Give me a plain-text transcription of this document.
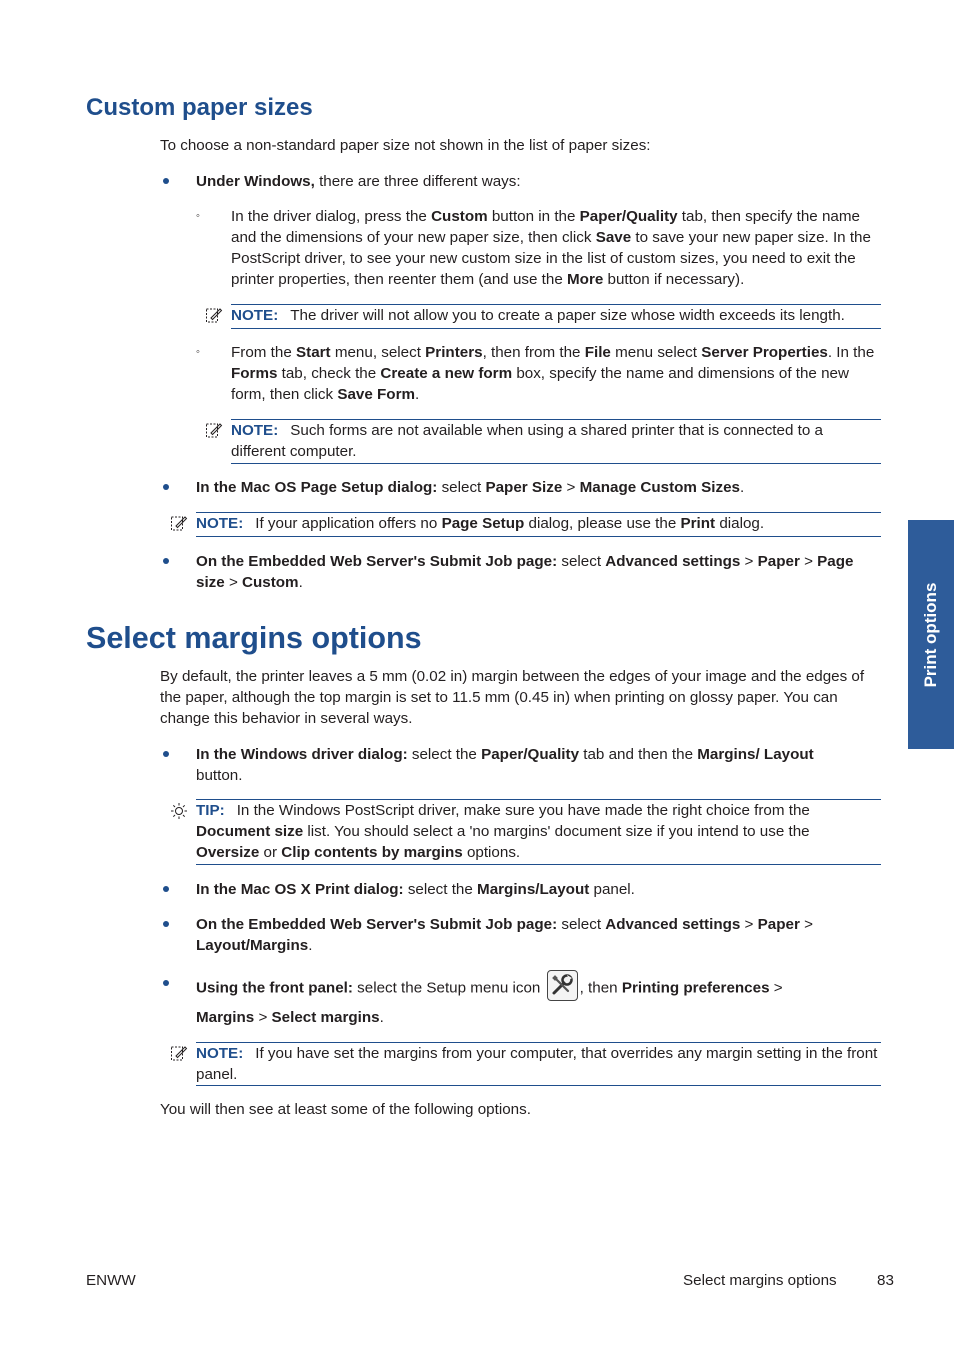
Custom paper sizes

To choose a non-standard paper size not shown in the list of paper sizes:

Under Windows, there are three different ways:

◦ In the driver dialog, press the Custom button in the Paper/Quality tab, then specify the name and the dimensions of your new paper size, then click Save to save your new paper size. In the PostScript driver, to see your new custom size in the list of custom sizes, you need to exit the printer properties, then reenter them (and use the More button if necessary).

NOTE: The driver will not allow you to create a paper size whose width exceeds its length.

◦ From the Start menu, select Printers, then from the File menu select Server Properties. In the Forms tab, check the Create a new form box, specify the name and dimensions of the new form, then click Save Form.

NOTE: Such forms are not available when using a shared printer that is connected to a different computer.

In the Mac OS Page Setup dialog: select Paper Size > Manage Custom Sizes.

NOTE: If your application offers no Page Setup dialog, please use the Print dialog.

On the Embedded Web Server's Submit Job page: select Advanced settings > Paper > Page size > Custom.

Select margins options

By default, the printer leaves a 5 mm (0.02 in) margin between the edges of your image and the edges of the paper, although the top margin is set to 11.5 mm (0.45 in) when printing on glossy paper. You can change this behavior in several ways.

In the Windows driver dialog: select the Paper/Quality tab and then the Margins/ Layout button.

TIP: In the Windows PostScript driver, make sure you have made the right choice from the Document size list. You should select a 'no margins' document size if you intend to use the Oversize or Clip contents by margins options.

In the Mac OS X Print dialog: select the Margins/Layout panel.

On the Embedded Web Server's Submit Job page: select Advanced settings > Paper > Layout/Margins.

Using the front panel: select the Setup menu icon
, then Printing preferences >

Margins > Select margins.

NOTE: If you have set the margins from your computer, that overrides any margin setting in the front panel.

You will then see at least some of the following options.

Print options
ENWW	Select margins options	83
